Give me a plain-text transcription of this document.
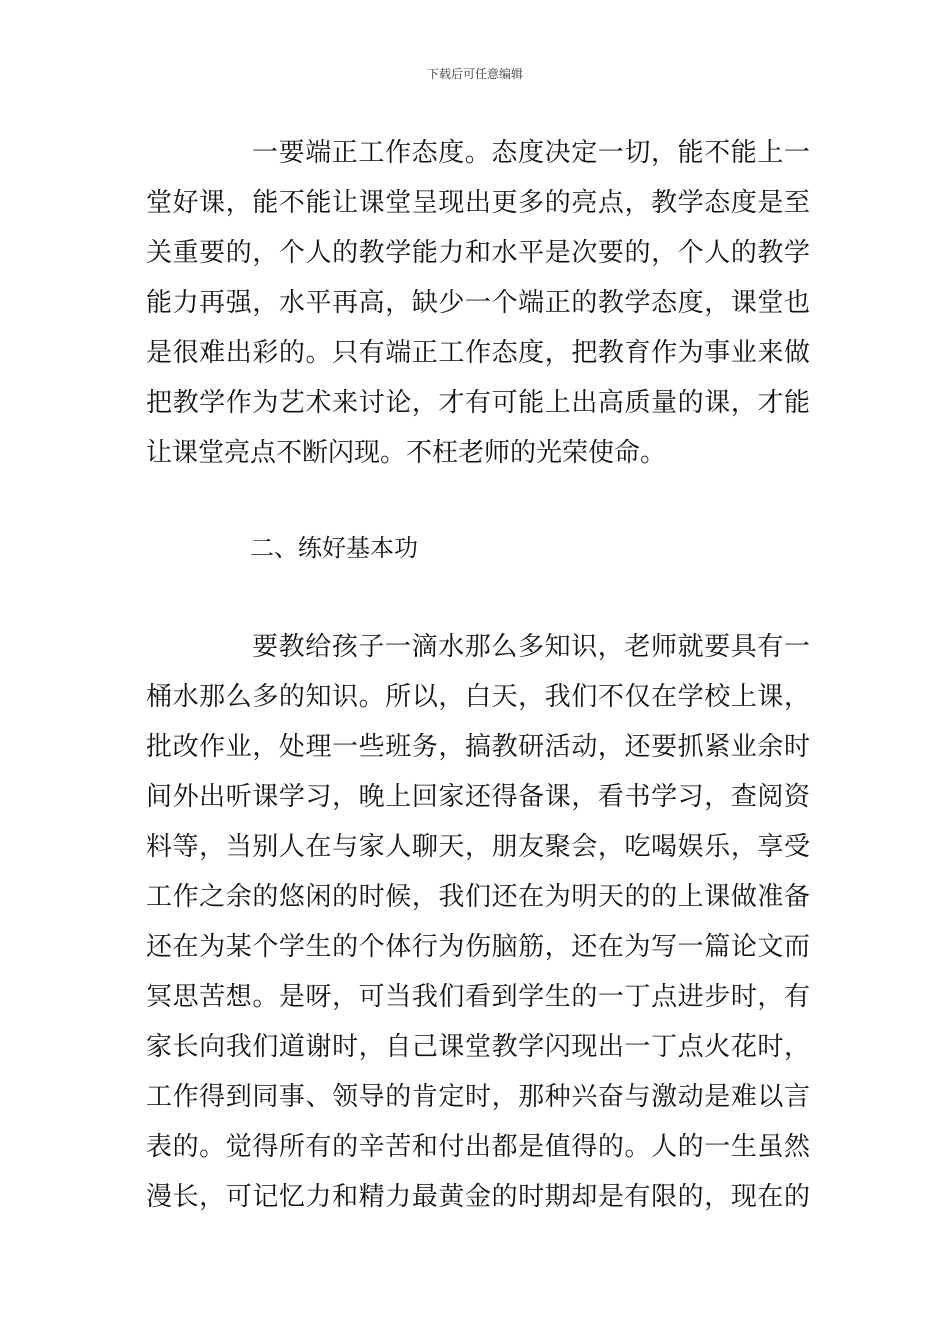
下载后可任意编辑
一要端正工作态度。态度决定一切，能不能上一
堂好课，能不能让课堂呈现出更多的亮点，教学态度是至
关重要的，个人的教学能力和水平是次要的，个人的教学
能力再强，水平再高，缺少一个端正的教学态度，课堂也
是很难出彩的。只有端正工作态度，把教育作为事业来做
把教学作为艺术来讨论，才有可能上出高质量的课，才能
让课堂亮点不断闪现。不枉老师的光荣使命。
二、练好基本功
要教给孩子一滴水那么多知识，老师就要具有一
桶水那么多的知识。所以，白天，我们不仅在学校上课，
批改作业，处理一些班务，搞教研活动，还要抓紧业余时
间外出听课学习，晚上回家还得备课，看书学习，查阅资
料等，当别人在与家人聊天，朋友聚会，吃喝娱乐，享受
工作之余的悠闲的时候，我们还在为明天的的上课做准备
还在为某个学生的个体行为伤脑筋，还在为写一篇论文而
冥思苦想。是呀，可当我们看到学生的一丁点进步时，有
家长向我们道谢时，自己课堂教学闪现出一丁点火花时，
工作得到同事、领导的肯定时，那种兴奋与激动是难以言
表的。觉得所有的辛苦和付出都是值得的。人的一生虽然
漫长，可记忆力和精力最黄金的时期却是有限的，现在的
